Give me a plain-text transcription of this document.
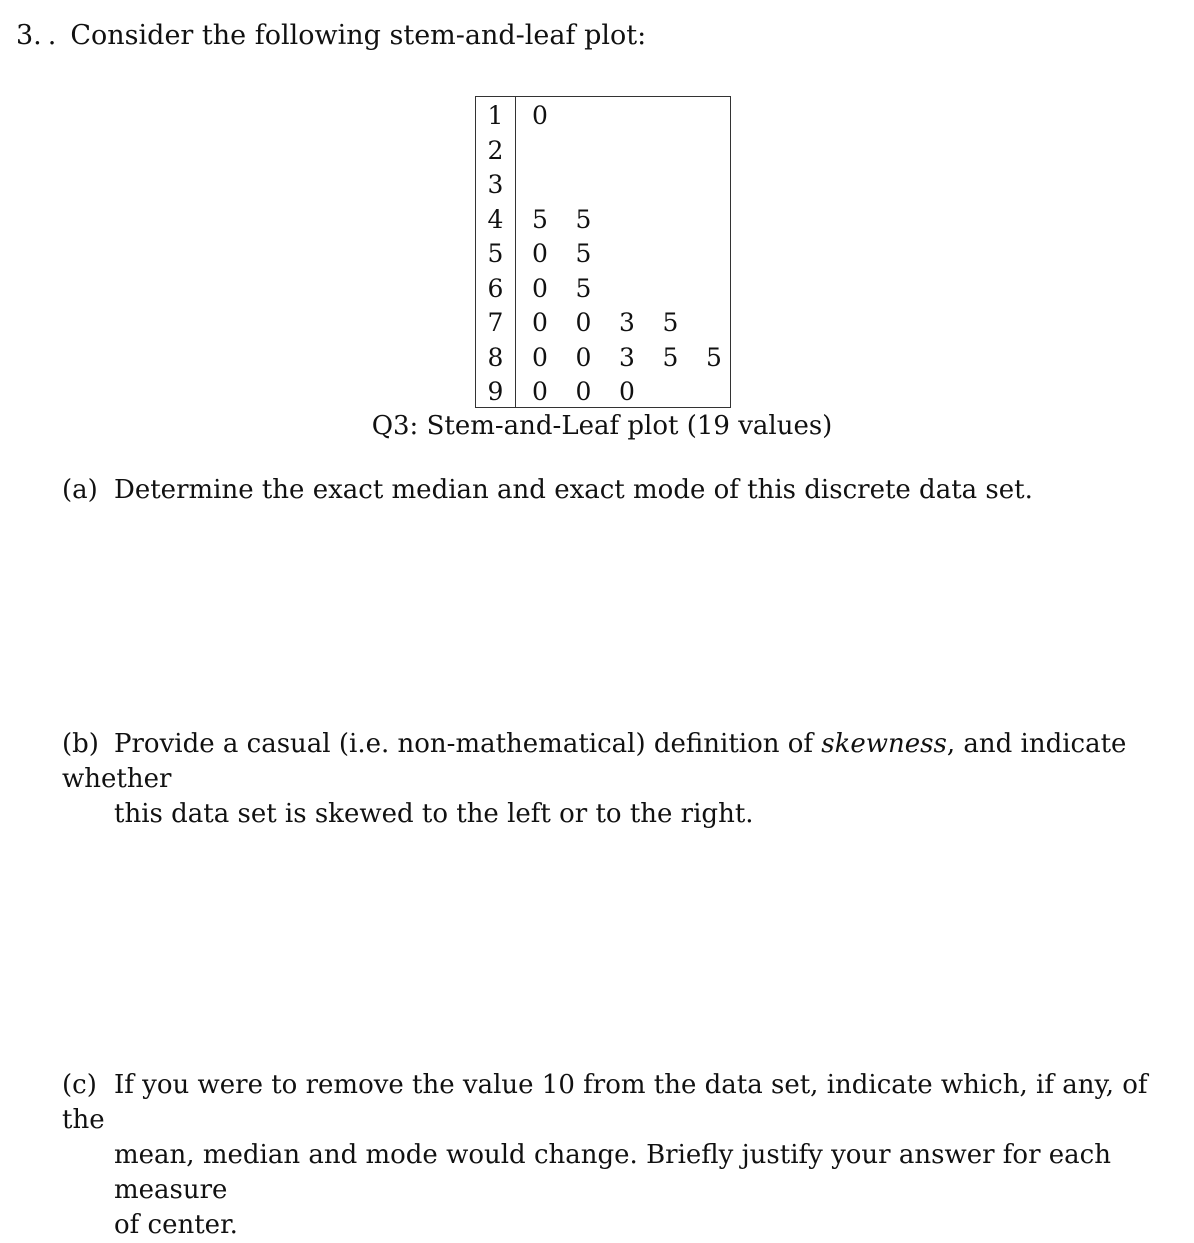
3. . Consider the following stem-and-leaf plot:
1	0
2
3
4	5 5
5	0 5
6	0 5
7	0 0 3 5
8	0 0 3 5 5
9	0 0 0
Q3: Stem-and-Leaf plot (19 values)
(a) Determine the exact median and exact mode of this discrete data set.
(b) Provide a casual (i.e. non-mathematical) definition of skewness, and indicate whether
this data set is skewed to the left or to the right.
(c) If you were to remove the value 10 from the data set, indicate which, if any, of the
mean, median and mode would change. Briefly justify your answer for each measure
of center.
